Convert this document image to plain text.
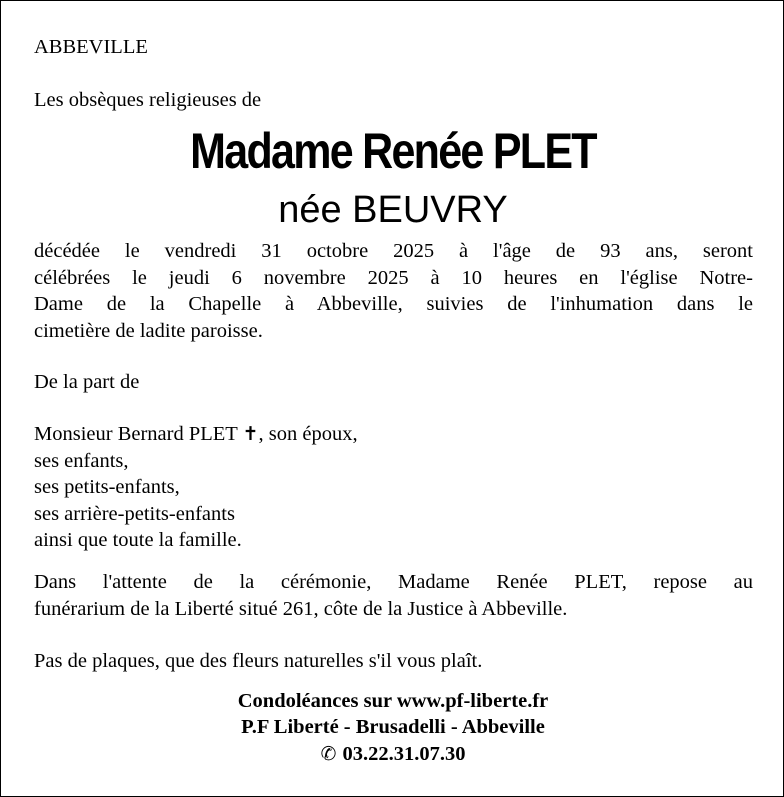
ABBEVILLE
Les obsèques religieuses de
Madame Renée PLET
née BEUVRY
décédée le vendredi 31 octobre 2025 à l'âge de 93 ans, seront
célébrées le jeudi 6 novembre 2025 à 10 heures en l'église Notre-
Dame de la Chapelle à Abbeville, suivies de l'inhumation dans le
cimetière de ladite paroisse.
De la part de
Monsieur Bernard PLET ✝, son époux,
ses enfants,
ses petits-enfants,
ses arrière-petits-enfants
ainsi que toute la famille.
Dans l'attente de la cérémonie, Madame Renée PLET, repose au
funérarium de la Liberté situé 261, côte de la Justice à Abbeville.
Pas de plaques, que des fleurs naturelles s'il vous plaît.
Condoléances sur www.pf-liberte.fr
P.F Liberté - Brusadelli - Abbeville
✆ 03.22.31.07.30
